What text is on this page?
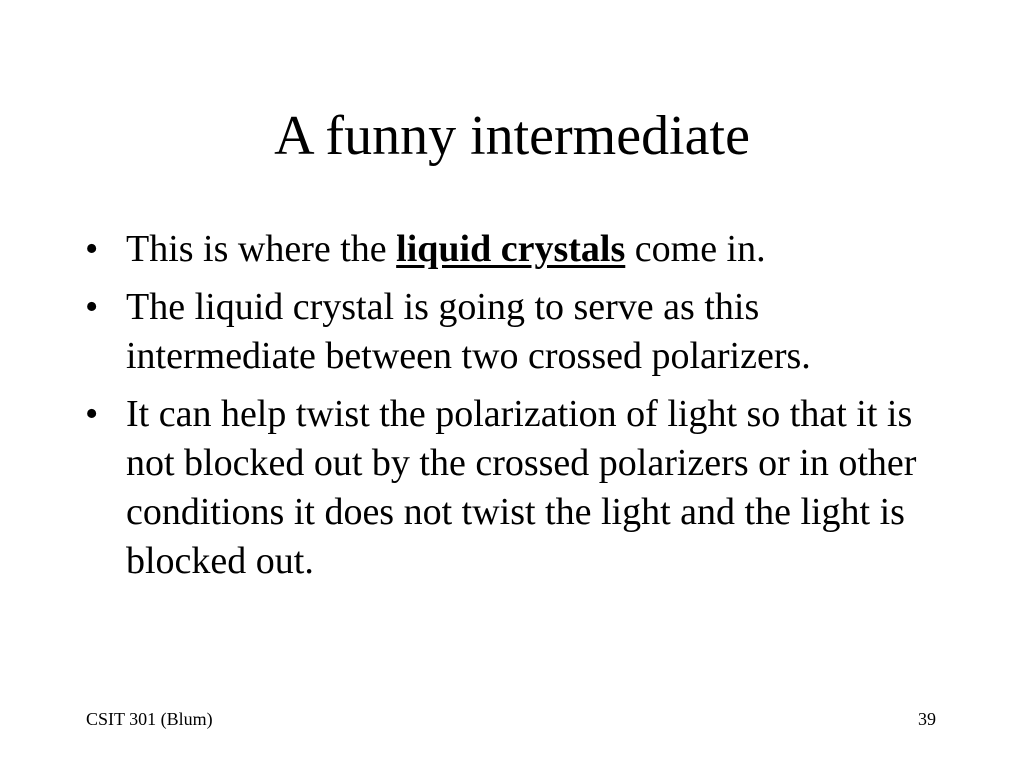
A funny intermediate
• This is where the liquid crystals come in.
• The liquid crystal is going to serve as this intermediate between two crossed polarizers.
• It can help twist the polarization of light so that it is not blocked out by the crossed polarizers or in other conditions it does not twist the light and the light is blocked out.
CSIT 301 (Blum)	39
